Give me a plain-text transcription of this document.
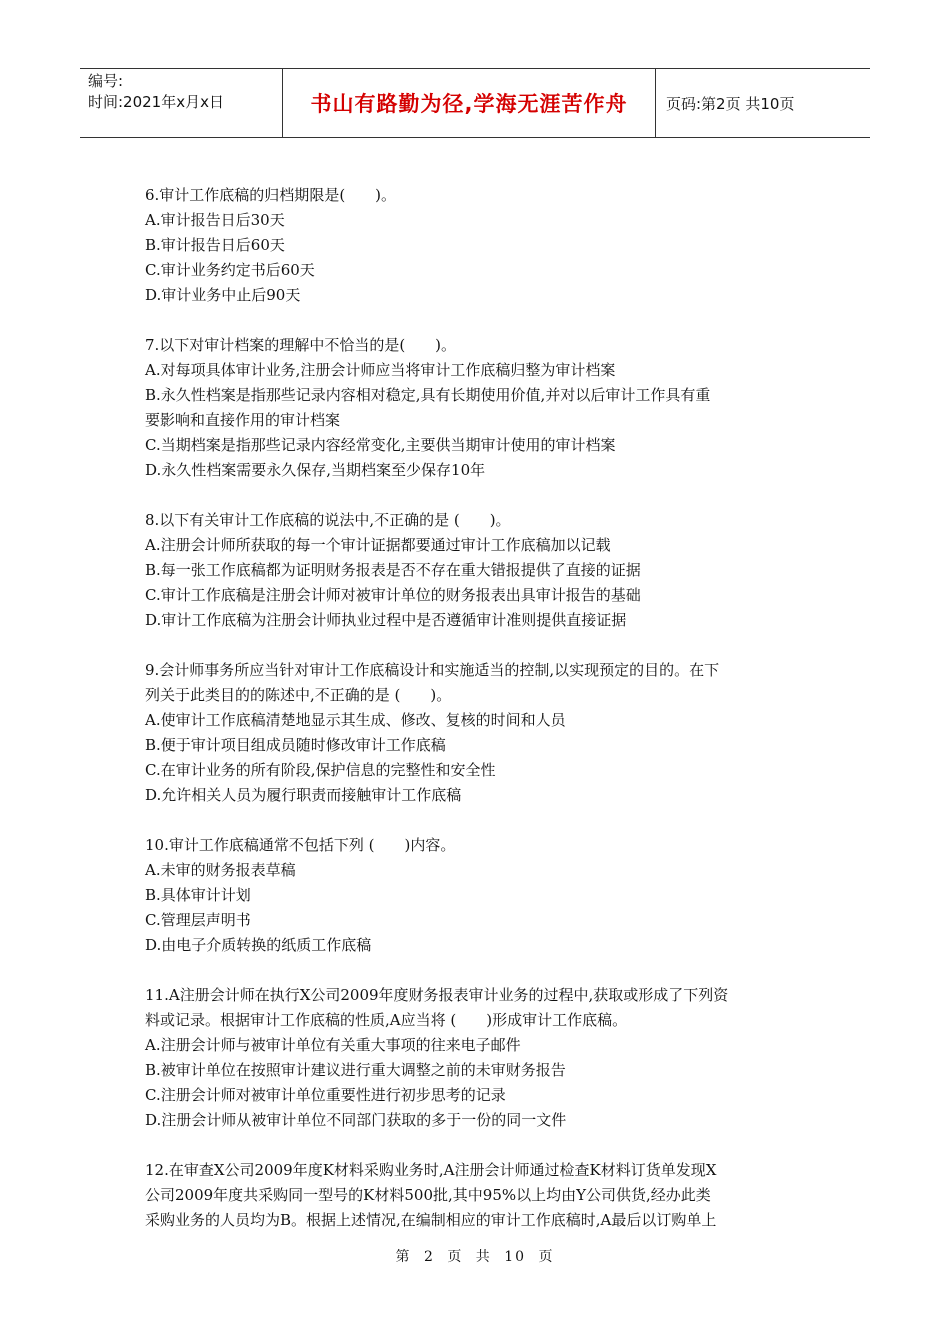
编号:
时间:2021年x月x日	书山有路勤为径,学海无涯苦作舟	页码:第2页 共10页
6.审计工作底稿的归档期限是(　　)。
A.审计报告日后30天
B.审计报告日后60天
C.审计业务约定书后60天
D.审计业务中止后90天
7.以下对审计档案的理解中不恰当的是(　　)。
A.对每项具体审计业务,注册会计师应当将审计工作底稿归整为审计档案
B.永久性档案是指那些记录内容相对稳定,具有长期使用价值,并对以后审计工作具有重
要影响和直接作用的审计档案
C.当期档案是指那些记录内容经常变化,主要供当期审计使用的审计档案
D.永久性档案需要永久保存,当期档案至少保存10年
8.以下有关审计工作底稿的说法中,不正确的是 (　　)。
A.注册会计师所获取的每一个审计证据都要通过审计工作底稿加以记载
B.每一张工作底稿都为证明财务报表是否不存在重大错报提供了直接的证据
C.审计工作底稿是注册会计师对被审计单位的财务报表出具审计报告的基础
D.审计工作底稿为注册会计师执业过程中是否遵循审计准则提供直接证据
9.会计师事务所应当针对审计工作底稿设计和实施适当的控制,以实现预定的目的。在下
列关于此类目的的陈述中,不正确的是 (　　)。
A.使审计工作底稿清楚地显示其生成、修改、复核的时间和人员
B.便于审计项目组成员随时修改审计工作底稿
C.在审计业务的所有阶段,保护信息的完整性和安全性
D.允许相关人员为履行职责而接触审计工作底稿
10.审计工作底稿通常不包括下列 (　　)内容。
A.未审的财务报表草稿
B.具体审计计划
C.管理层声明书
D.由电子介质转换的纸质工作底稿
11.A注册会计师在执行X公司2009年度财务报表审计业务的过程中,获取或形成了下列资
料或记录。根据审计工作底稿的性质,A应当将 (　　)形成审计工作底稿。
A.注册会计师与被审计单位有关重大事项的往来电子邮件
B.被审计单位在按照审计建议进行重大调整之前的未审财务报告
C.注册会计师对被审计单位重要性进行初步思考的记录
D.注册会计师从被审计单位不同部门获取的多于一份的同一文件
12.在审查X公司2009年度K材料采购业务时,A注册会计师通过检查K材料订货单发现X
公司2009年度共采购同一型号的K材料500批,其中95%以上均由Y公司供货,经办此类
采购业务的人员均为B。根据上述情况,在编制相应的审计工作底稿时,A最后以订购单上
第 2 页 共 10 页
